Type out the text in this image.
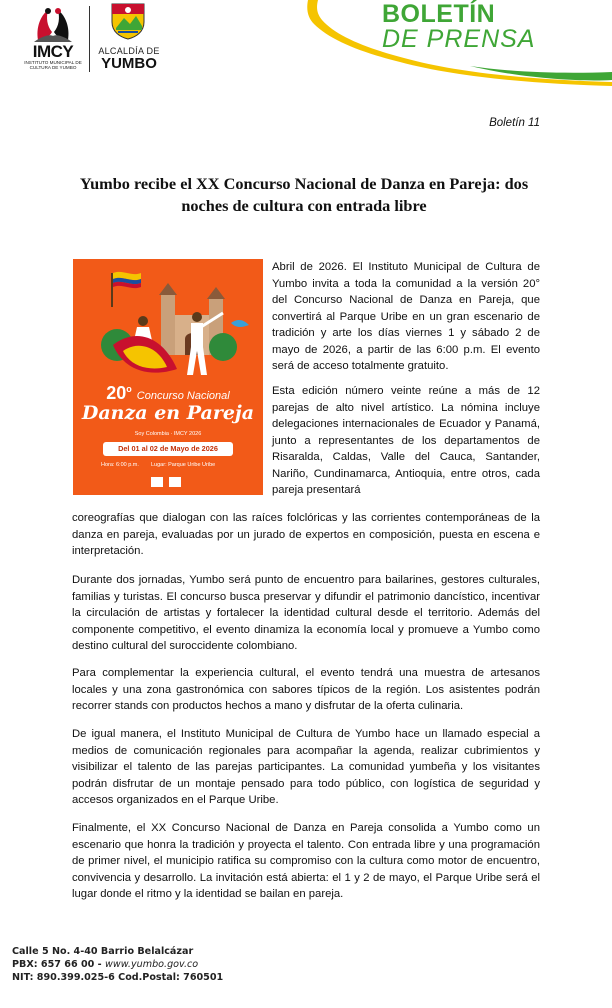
IMCY
INSTITUTO MUNICIPAL DE CULTURA DE YUMBO
ALCALDÍA DE
YUMBO
BOLETÍN
DE PRENSA
Boletín 11
Yumbo recibe el XX Concurso Nacional de Danza en Pareja: dos noches de cultura con entrada libre
20$^o$ Concurso Nacional
Danza en Pareja
Soy Colombia · IMCY 2026
Del 01 al 02 de Mayo de 2026
Hora: 6:00 p.m. Lugar: Parque Uribe Uribe

Abril de 2026. El Instituto Municipal de Cultura de Yumbo invita a toda la comunidad a la versión 20° del Concurso Nacional de Danza en Pareja, que convertirá al Parque Uribe en un gran escenario de tradición y arte los días viernes 1 y sábado 2 de mayo de 2026, a partir de las 6:00 p.m. El evento será de acceso totalmente gratuito.

Esta edición número veinte reúne a más de 12 parejas de alto nivel artístico. La nómina incluye delegaciones internacionales de Ecuador y Panamá, junto a representantes de los departamentos de Risaralda, Caldas, Valle del Cauca, Santander, Nariño, Cundinamarca, Antioquia, entre otros, cada pareja presentará

coreografías que dialogan con las raíces folclóricas y las corrientes contemporáneas de la danza en pareja, evaluadas por un jurado de expertos en composición, puesta en escena e interpretación.

Durante dos jornadas, Yumbo será punto de encuentro para bailarines, gestores culturales, familias y turistas. El concurso busca preservar y difundir el patrimonio dancístico, incentivar la circulación de artistas y fortalecer la identidad cultural desde el territorio. Además del componente competitivo, el evento dinamiza la economía local y promueve a Yumbo como destino cultural del suroccidente colombiano.

Para complementar la experiencia cultural, el evento tendrá una muestra de artesanos locales y una zona gastronómica con sabores típicos de la región. Los asistentes podrán recorrer stands con productos hechos a mano y disfrutar de la oferta culinaria.

De igual manera, el Instituto Municipal de Cultura de Yumbo hace un llamado especial a medios de comunicación regionales para acompañar la agenda, realizar cubrimientos y visibilizar el talento de las parejas participantes. La comunidad yumbeña y los visitantes podrán disfrutar de un montaje pensado para todo público, con logística de seguridad y accesos organizados en el Parque Uribe.

Finalmente, el XX Concurso Nacional de Danza en Pareja consolida a Yumbo como un escenario que honra la tradición y proyecta el talento. Con entrada libre y una programación de primer nivel, el municipio ratifica su compromiso con la cultura como motor de encuentro, convivencia y desarrollo. La invitación está abierta: el 1 y 2 de mayo, el Parque Uribe será el lugar donde el ritmo y la identidad se bailan en pareja.

Calle 5 No. 4-40 Barrio Belalcázar
PBX: 657 66 00 - www.yumbo.gov.co
NIT: 890.399.025-6 Cod.Postal: 760501
